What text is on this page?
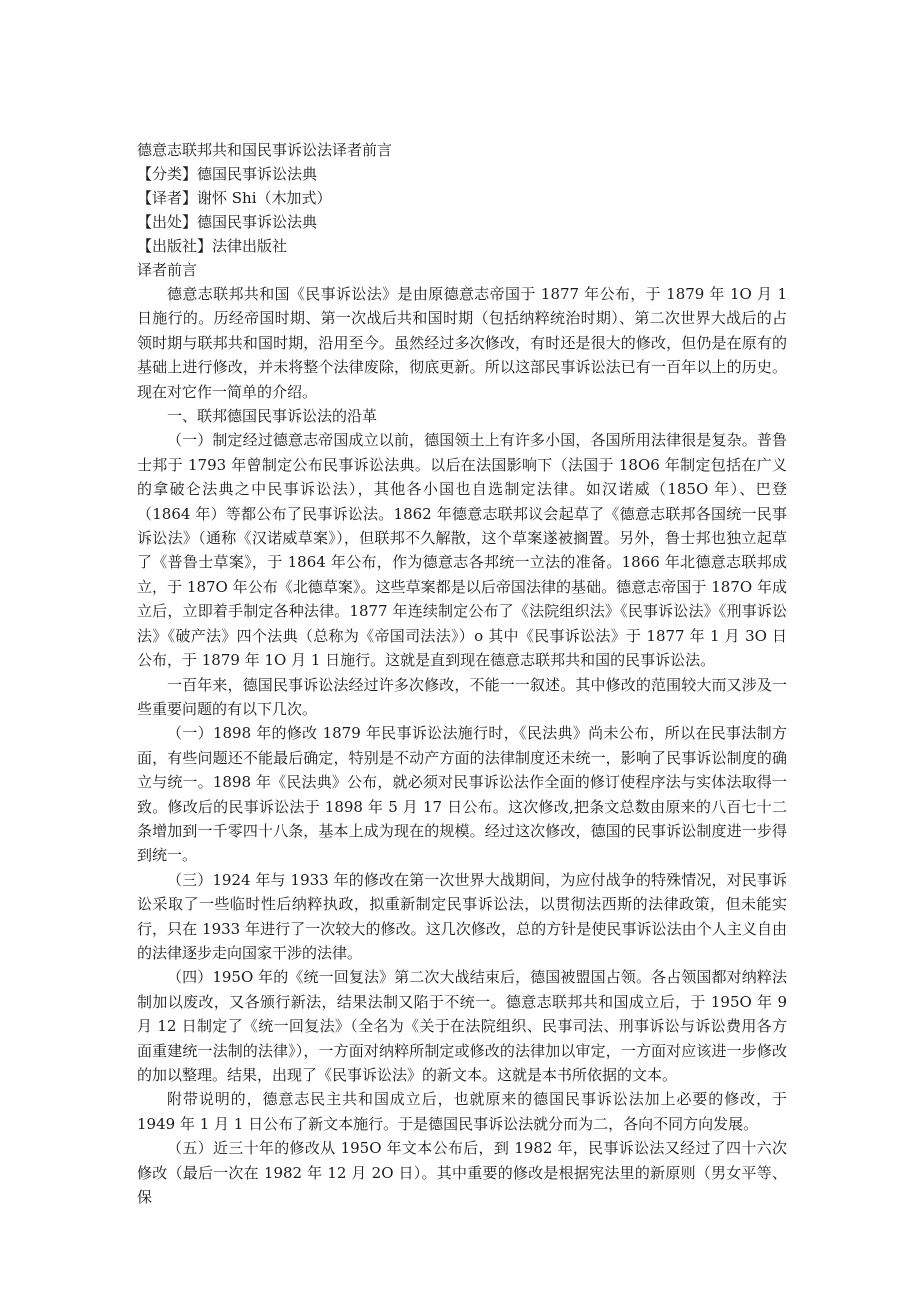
德意志联邦共和国民事诉讼法译者前言

【分类】德国民事诉讼法典

【译者】谢怀 Shi（木加式）

【出处】德国民事诉讼法典

【出版社】法律出版社

译者前言

德意志联邦共和国《民事诉讼法》是由原德意志帝国于 1877 年公布，于 1879 年 1O 月 1 日施行的。历经帝国时期、第一次战后共和国时期（包括纳粹统治时期）、第二次世界大战后的占领时期与联邦共和国时期，沿用至今。虽然经过多次修改，有时还是很大的修改，但仍是在原有的基础上进行修改，并未将整个法律废除，彻底更新。所以这部民事诉讼法已有一百年以上的历史。现在对它作一简单的介绍。

一、联邦德国民事诉讼法的沿革

（一）制定经过德意志帝国成立以前，德国领土上有许多小国，各国所用法律很是复杂。普鲁士邦于 1793 年曾制定公布民事诉讼法典。以后在法国影响下（法国于 18O6 年制定包括在广义的拿破仑法典之中民事诉讼法），其他各小国也自选制定法律。如汉诺威（185O 年）、巴登（1864 年）等都公布了民事诉讼法。1862 年德意志联邦议会起草了《德意志联邦各国统一民事诉讼法》（通称《汉诺威草案》），但联邦不久解散，这个草案遂被搁置。另外，鲁士邦也独立起草了《普鲁士草案》，于 1864 年公布，作为德意志各邦统一立法的准备。1866 年北德意志联邦成立，于 187O 年公布《北德草案》。这些草案都是以后帝国法律的基础。德意志帝国于 187O 年成立后，立即着手制定各种法律。1877 年连续制定公布了《法院组织法》《民事诉讼法》《刑事诉讼法》《破产法》四个法典（总称为《帝国司法法》）o 其中《民事诉讼法》于 1877 年 1 月 3O 日公布，于 1879 年 1O 月 1 日施行。这就是直到现在德意志联邦共和国的民事诉讼法。

一百年来，德国民事诉讼法经过许多次修改，不能一一叙述。其中修改的范围较大而又涉及一些重要问题的有以下几次。

（一）1898 年的修改 1879 年民事诉讼法施行时，《民法典》尚未公布，所以在民事法制方面，有些问题还不能最后确定，特别是不动产方面的法律制度还未统一，影响了民事诉讼制度的确立与统一。1898 年《民法典》公布，就必须对民事诉讼法作全面的修订使程序法与实体法取得一致。修改后的民事诉讼法于 1898 年 5 月 17 日公布。这次修改,把条文总数由原来的八百七十二条增加到一千零四十八条，基本上成为现在的规模。经过这次修改，德国的民事诉讼制度进一步得到统一。

（三）1924 年与 1933 年的修改在第一次世界大战期间，为应付战争的特殊情况，对民事诉讼采取了一些临时性后纳粹执政，拟重新制定民事诉讼法，以贯彻法西斯的法律政策，但未能实行，只在 1933 年进行了一次较大的修改。这几次修改，总的方针是使民事诉讼法由个人主义自由的法律逐步走向国家干涉的法律。

（四）195O 年的《统一回复法》第二次大战结束后，德国被盟国占领。各占领国都对纳粹法制加以废改，又各颁行新法，结果法制又陷于不统一。德意志联邦共和国成立后，于 195O 年 9 月 12 日制定了《统一回复法》（全名为《关于在法院组织、民事司法、刑事诉讼与诉讼费用各方面重建统一法制的法律》），一方面对纳粹所制定或修改的法律加以审定，一方面对应该进一步修改的加以整理。结果，出现了《民事诉讼法》的新文本。这就是本书所依据的文本。

附带说明的，德意志民主共和国成立后，也就原来的德国民事诉讼法加上必要的修改，于 1949 年 1 月 1 日公布了新文本施行。于是德国民事诉讼法就分而为二，各向不同方向发展。

（五）近三十年的修改从 195O 年文本公布后，到 1982 年，民事诉讼法又经过了四十六次修改（最后一次在 1982 年 12 月 2O 日）。其中重要的修改是根据宪法里的新原则（男女平等、保
